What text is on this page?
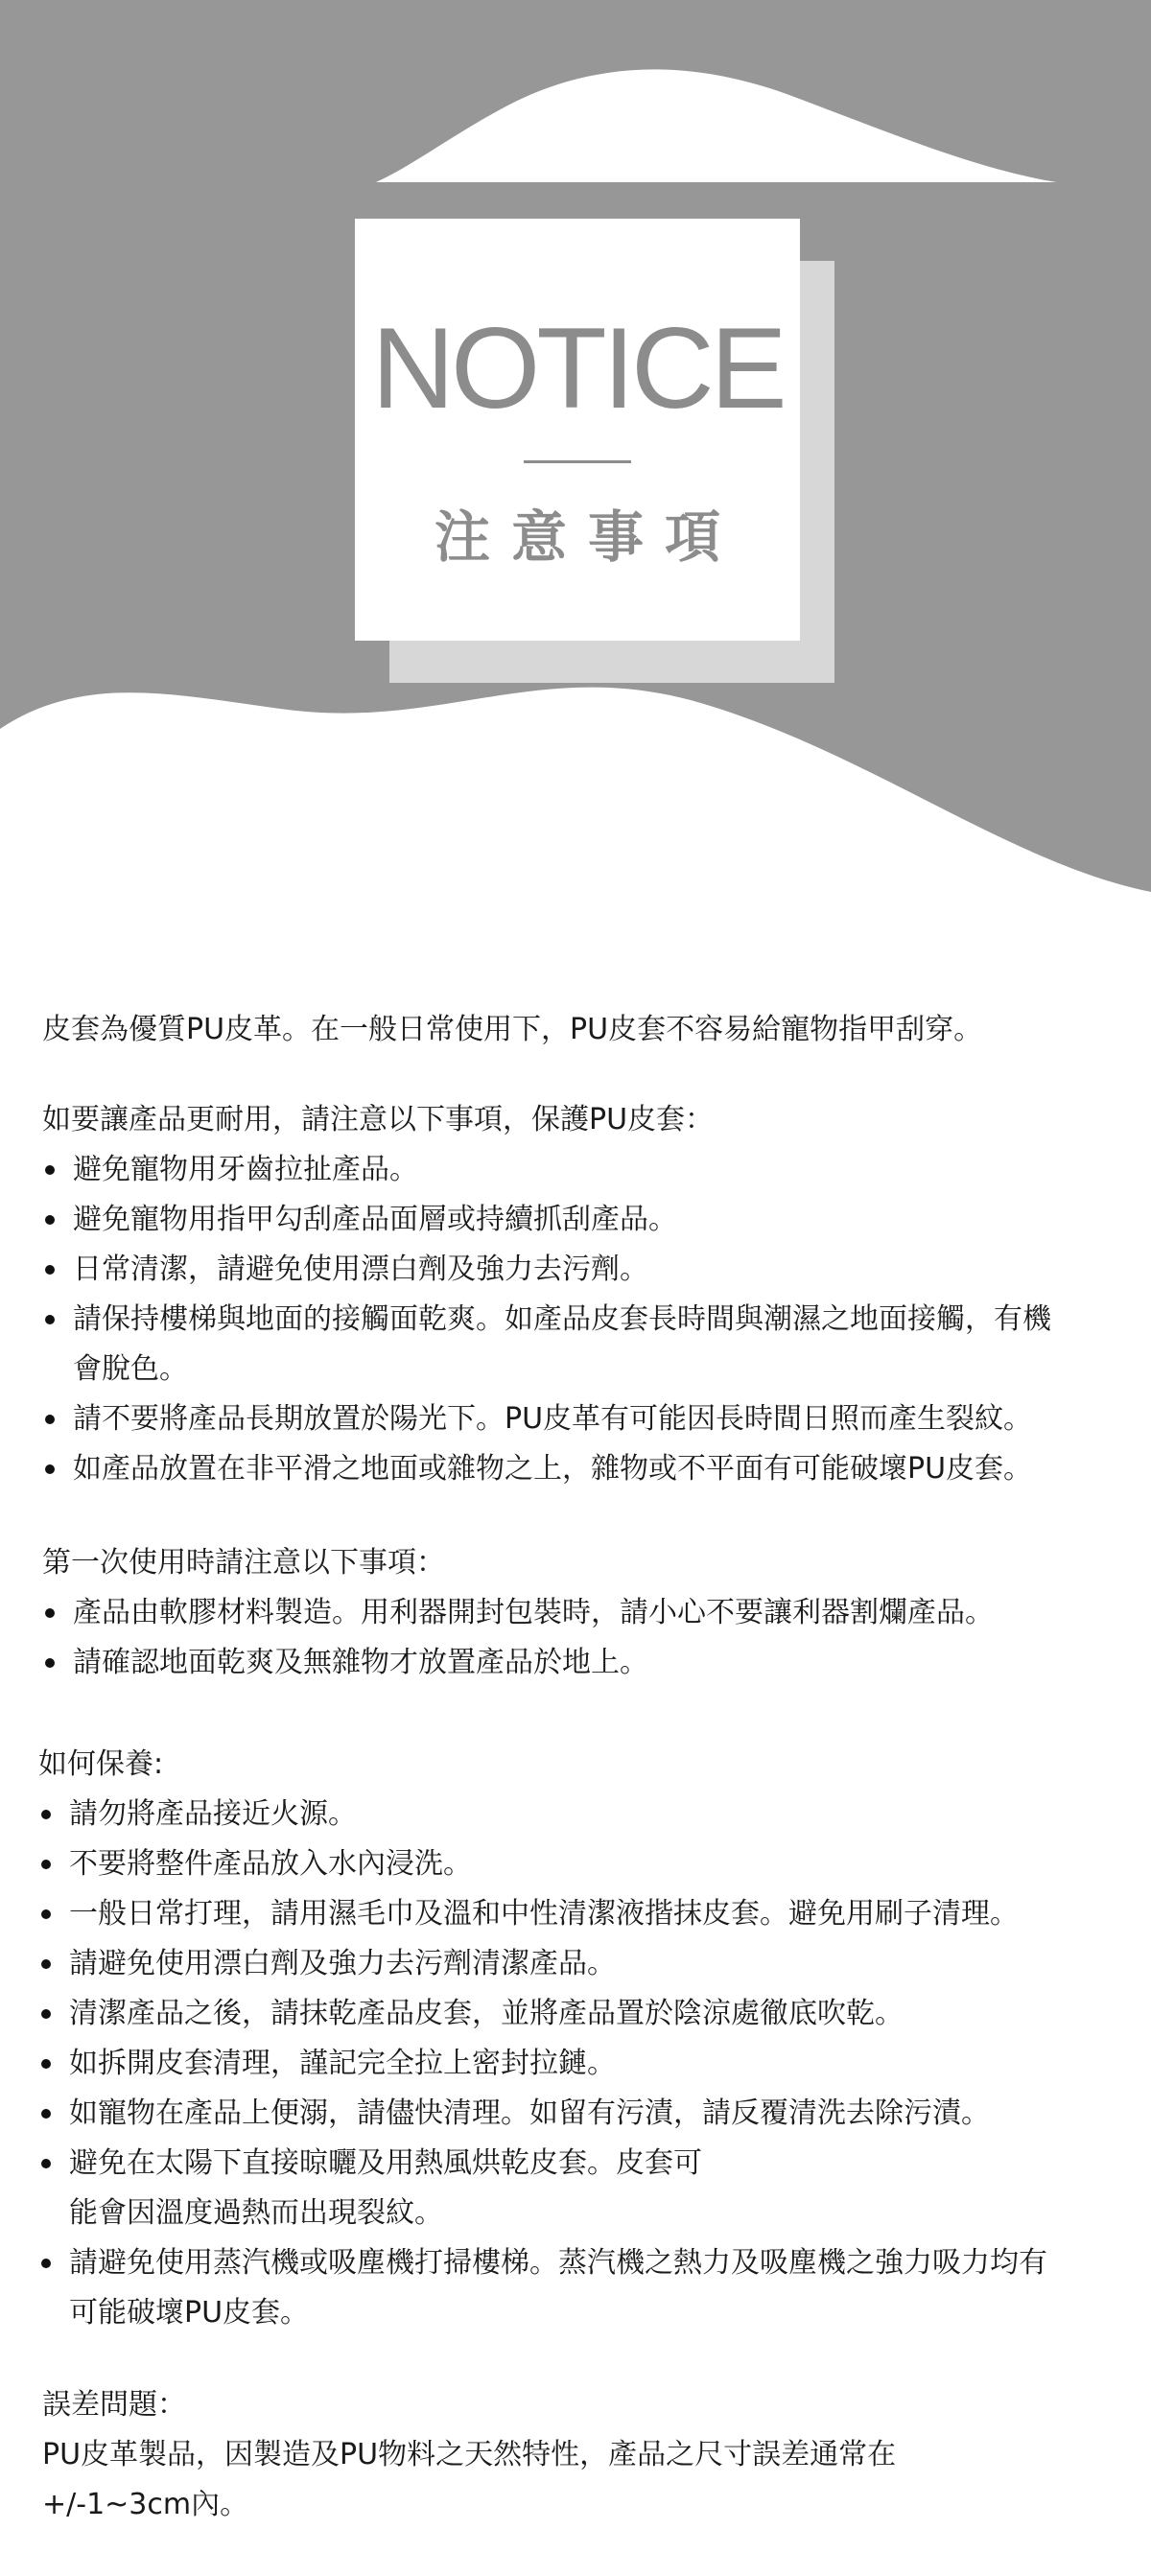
NOTICE
注意事項

皮套為優質PU皮革。在一般日常使用下，PU皮套不容易給寵物指甲刮穿。

如要讓產品更耐用，請注意以下事項，保護PU皮套：

避免寵物用牙齒拉扯產品。
避免寵物用指甲勾刮產品面層或持續抓刮產品。
日常清潔，請避免使用漂白劑及強力去污劑。
請保持樓梯與地面的接觸面乾爽。如產品皮套長時間與潮濕之地面接觸，有機會脫色。
請不要將產品長期放置於陽光下。PU皮革有可能因長時間日照而產生裂紋。
如產品放置在非平滑之地面或雜物之上，雜物或不平面有可能破壞PU皮套。

第一次使用時請注意以下事項：

產品由軟膠材料製造。用利器開封包裝時，請小心不要讓利器割爛產品。
請確認地面乾爽及無雜物才放置產品於地上。

如何保養:

請勿將產品接近火源。
不要將整件產品放入水內浸洗。
一般日常打理，請用濕毛巾及溫和中性清潔液揩抹皮套。避免用刷子清理。
請避免使用漂白劑及強力去污劑清潔產品。
清潔產品之後，請抹乾產品皮套，並將產品置於陰涼處徹底吹乾。
如拆開皮套清理，謹記完全拉上密封拉鏈。
如寵物在產品上便溺，請儘快清理。如留有污漬，請反覆清洗去除污漬。
避免在太陽下直接晾曬及用熱風烘乾皮套。皮套可能會因溫度過熱而出現裂紋。
請避免使用蒸汽機或吸塵機打掃樓梯。蒸汽機之熱力及吸塵機之強力吸力均有可能破壞PU皮套。

誤差問題：

PU皮革製品，因製造及PU物料之天然特性，產品之尺寸誤差通常在+/-1~3cm內。
